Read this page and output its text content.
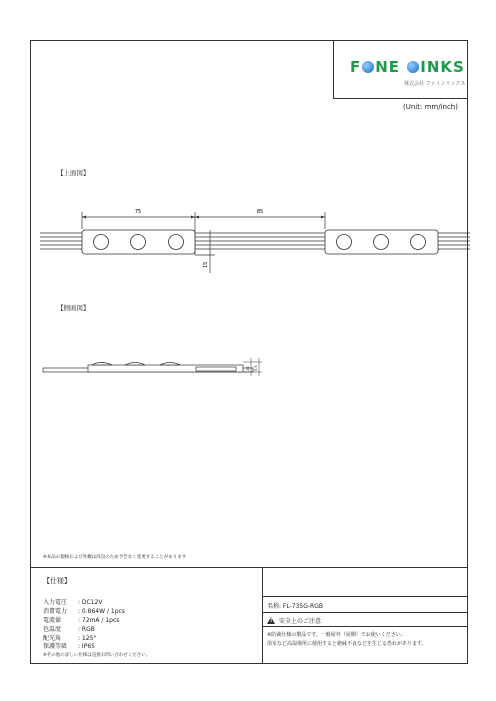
F NE INKS
株式会社 ファインリンクス
(Unit: mm/inch)
【上面図】
75	85
15
【側面図】
10 5.5
※本品の規格および外観は改良のため予告なく変更することがあります
【仕様】
入力電圧 : DC12V
消費電力 : 0.864W / 1pcs
電流値	: 72mA / 1pcs
色温度	: RGB
配光角	: 125°
保護等級 : IP65
※その他の詳しい仕様は直接お問い合わせください。
名称: FL-735G-RGB
!安全上のご注意
※防滴仕様の製品です。一般屋外（屋側）でお使いください。
浴室など高湿場所に使用すると絶縁不良などを生じる恐れがあります。
